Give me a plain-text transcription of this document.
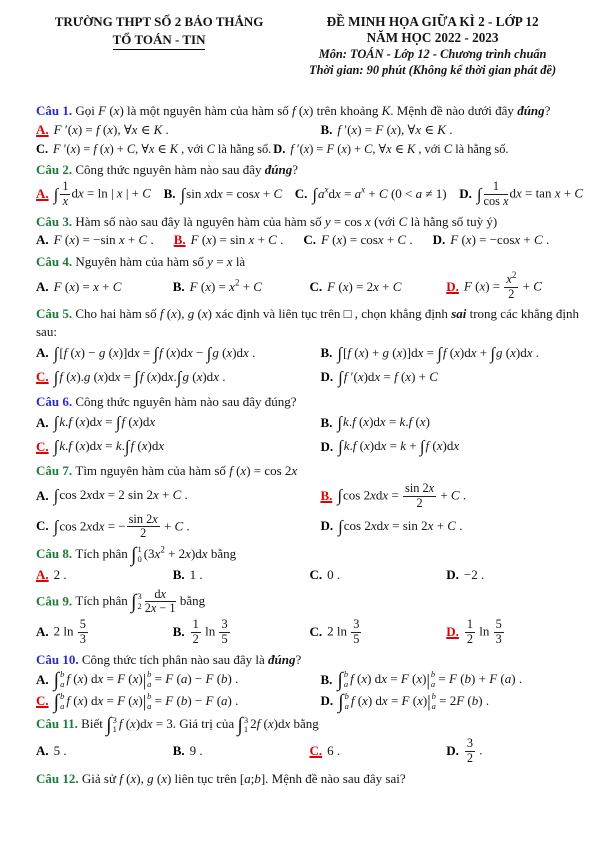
TRƯỜNG THPT SỐ 2 BẢO THẮNG
TỔ TOÁN - TIN
ĐỀ MINH HỌA GIỮA KÌ 2 - LỚP 12
NĂM HỌC 2022 - 2023
Môn: TOÁN - Lớp 12 - Chương trình chuẩn
Thời gian: 90 phút (Không kể thời gian phát đề)
Câu 1. Gọi F (x) là một nguyên hàm của hàm số f (x) trên khoảng K. Mệnh đề nào dưới đây đúng?
A. F ′(x) = f (x), ∀x ∈ K .	B. f ′(x) = F (x), ∀x ∈ K .
C. F ′(x) = f (x) + C, ∀x ∈ K , với C là hằng số. D. f ′(x) = F (x) + C, ∀x ∈ K , với C là hằng số.
Câu 2. Công thức nguyên hàm nào sau đây đúng?
A. ∫ $\frac{1}{x}$ dx = ln | x | + C B. ∫sin xdx = cosx + C C. $\int a^xdx = a^x + C$ (0 < a ≠ 1) D. ∫ $\frac{1}{\text{cos x}}$ dx = tan x + C
Câu 3. Hàm số nào sau đây là nguyên hàm của hàm số y = cos x (với C là hằng số tuỳ ý)
A. F (x) = −sin x + C . B. F (x) = sin x + C . C. F (x) = cosx + C . D. F (x) = −cosx + C .
Câu 4. Nguyên hàm của hàm số y = x là
A. F (x) = x + C	B. F $(x) = x^2 + C$	C. F (x) = 2x + C	D. F $(x) = \frac{x^2}{2} + C$
Câu 5. Cho hai hàm số f (x), g (x) xác định và liên tục trên □ , chọn khẳng định sai trong các khẳng định sau:
A. ∫[f (x) − g (x)]dx = ∫f (x)dx − ∫g (x)dx .	B. ∫[f (x) + g (x)]dx = ∫f (x)dx + ∫g (x)dx .
C. ∫f (x).g (x)dx = ∫f (x)dx.∫g (x)dx .	D. ∫f ′(x)dx = f (x) + C
Câu 6. Công thức nguyên hàm nào sau đây đúng?
A. ∫k.f (x)dx = ∫f (x)dx	B. ∫k.f (x)dx = k.f (x)
C. ∫k.f (x)dx = k.∫f (x)dx	D. ∫k.f (x)dx = k + ∫f (x)dx
Câu 7. Tìm nguyên hàm của hàm số f (x) = cos 2x
A. ∫cos 2xdx = 2 sin 2x + C .	B. ∫cos $2xdx = \frac{\sin 2x}{2} + C$ .
C. ∫cos 2xdx = − $\frac{\sin 2x}{2} + C$ .	D. ∫cos 2xdx = sin 2x + C .
Câu 8. Tích phân ∫ 1
0 $(3x^2 + 2x)dx$ bằng
A. 2 .	B. 1 .	C. 0 .	D. −2 .
Câu 9. Tích phân ∫ 3
$2 \frac{dx}{2x - 1}$ bằng
A. 2 $\ln \frac{5}{3}$	B. $\frac{1}{2}$ $\ln \frac{3}{5}$	C. 2 $\ln \frac{3}{5}$	D. $\frac{1}{2}$ $\ln \frac{5}{3}$
Câu 10. Công thức tích phân nào sau đây là đúng?
A. ∫ b
a f (x) dx = F (x) | b
a = F (a) − F (b) .	B. ∫ b
a f (x) dx = F (x) | b
a = F (b) + F (a) .
C. ∫ b
a f (x) dx = F (x) | b
a = F (b) − F (a) .	D. ∫ b
a f (x) dx = F (x) | b
a = 2F (b) .
Câu 11. Biết ∫ 3
1 f (x)dx = 3. Giá trị của ∫ 3
1 2f (x)dx bằng
A. 5 .	B. 9 .	C. 6 .	D. $\frac{3}{2}$ .
Câu 12. Giả sử f (x), g (x) liên tục trên [a;b]. Mệnh đề nào sau đây sai?
